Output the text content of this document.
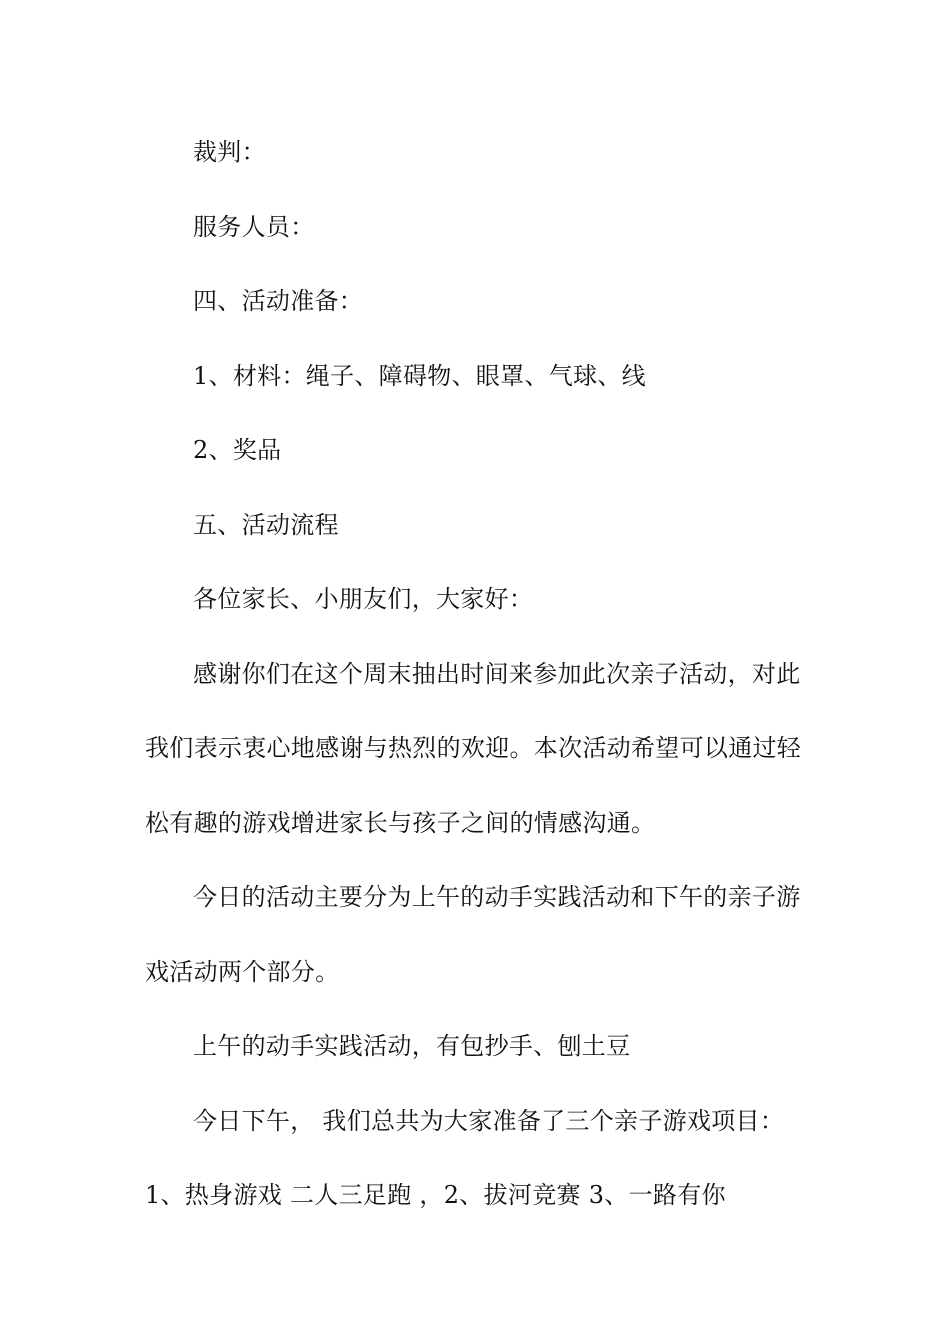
裁判：
服务人员：
四、活动准备：
1、材料：绳子、障碍物、眼罩、气球、线
2、奖品
五、活动流程
各位家长、小朋友们，大家好：
感谢你们在这个周末抽出时间来参加此次亲子活动，对此
我们表示衷心地感谢与热烈的欢迎。本次活动希望可以通过轻
松有趣的游戏增进家长与孩子之间的情感沟通。
今日的活动主要分为上午的动手实践活动和下午的亲子游
戏活动两个部分。
上午的动手实践活动，有包抄手、刨土豆
今日下午， 我们总共为大家准备了三个亲子游戏项目：
1、热身游戏 二人三足跑 ，2、拔河竞赛 3、一路有你
